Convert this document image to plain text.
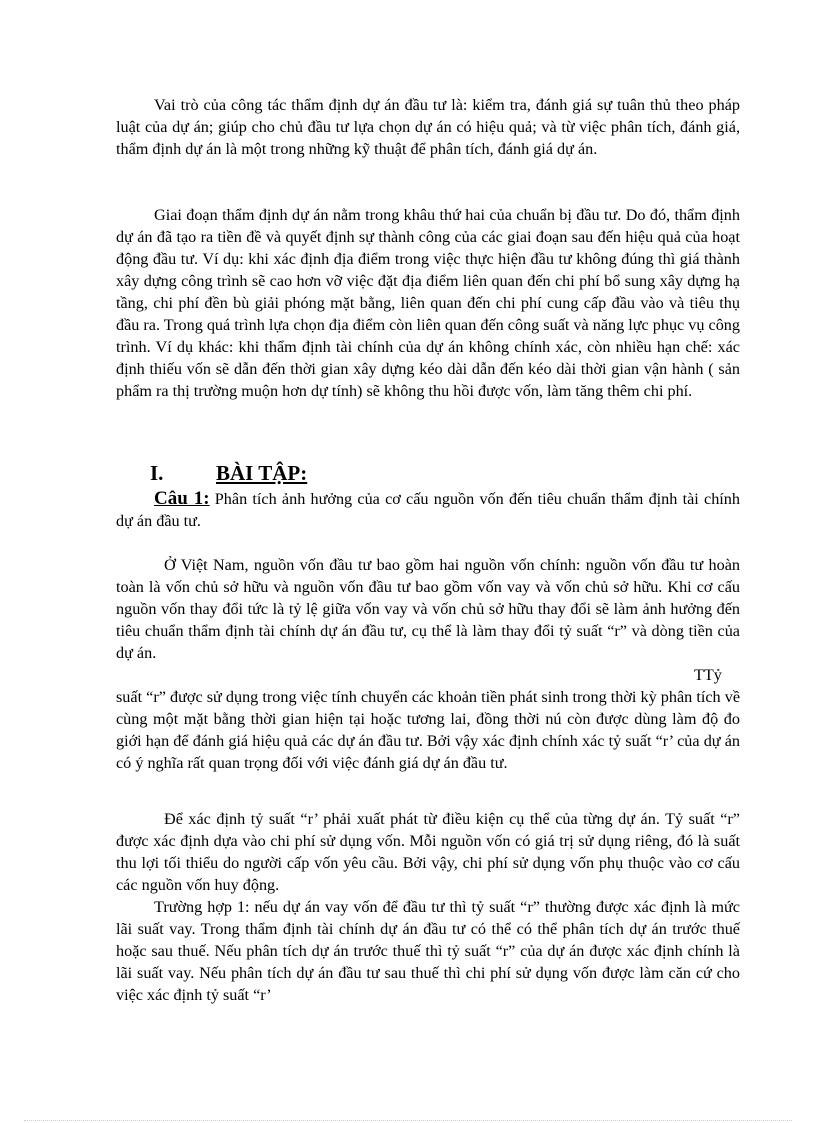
Vai trò của công tác thẩm định dự án đầu tư là: kiểm tra, đánh giá sự tuân thủ theo pháp luật của dự án; giúp cho chủ đầu tư lựa chọn dự án có hiệu quả; và từ việc phân tích, đánh giá, thẩm định dự án là một trong những kỹ thuật để phân tích, đánh giá dự án.

Giai đoạn thẩm định dự án nằm trong khâu thứ hai của chuẩn bị đầu tư. Do đó, thẩm định dự án đã tạo ra tiền đề và quyết định sự thành công của các giai đoạn sau đến hiệu quả của hoạt động đầu tư. Ví dụ: khi xác định địa điểm trong việc thực hiện đầu tư không đúng thì giá thành xây dựng công trình sẽ cao hơn vỡ việc đặt địa điểm liên quan đến chi phí bổ sung xây dựng hạ tầng, chi phí đền bù giải phóng mặt bằng, liên quan đến chi phí cung cấp đầu vào và tiêu thụ đầu ra. Trong quá trình lựa chọn địa điểm còn liên quan đến công suất và năng lực phục vụ công trình. Ví dụ khác: khi thẩm định tài chính của dự án không chính xác, còn nhiều hạn chế: xác định thiếu vốn sẽ dẫn đến thời gian xây dựng kéo dài dẫn đến kéo dài thời gian vận hành ( sản phẩm ra thị trường muộn hơn dự tính) sẽ không thu hồi được vốn, làm tăng thêm chi phí.

I.	BÀI TẬP:

Câu 1: Phân tích ảnh hưởng của cơ cấu nguồn vốn đến tiêu chuẩn thẩm định tài chính dự án đầu tư.

Ở Việt Nam, nguồn vốn đầu tư bao gồm hai nguồn vốn chính: nguồn vốn đầu tư hoàn toàn là vốn chủ sở hữu và nguồn vốn đầu tư bao gồm vốn vay và vốn chủ sở hữu. Khi cơ cấu nguồn vốn thay đổi tức là tỷ lệ giữa vốn vay và vốn chủ sở hữu thay đổi sẽ làm ảnh hưởng đến tiêu chuẩn thẩm định tài chính dự án đầu tư, cụ thể là làm thay đổi tỷ suất “r” và dòng tiền của dự án.

TTỷ

suất “r” được sử dụng trong việc tính chuyển các khoản tiền phát sinh trong thời kỳ phân tích về cùng một mặt bằng thời gian hiện tại hoặc tương lai, đồng thời nú còn được dùng làm độ đo giới hạn để đánh giá hiệu quả các dự án đầu tư. Bởi vậy xác định chính xác tỷ suất “r’ của dự án có ý nghĩa rất quan trọng đối với việc đánh giá dự án đầu tư.

Để xác định tỷ suất “r’ phải xuất phát từ điều kiện cụ thể của từng dự án. Tỷ suất “r” được xác định dựa vào chi phí sử dụng vốn. Mỗi nguồn vốn có giá trị sử dụng riêng, đó là suất thu lợi tối thiểu do người cấp vốn yêu cầu. Bởi vậy, chi phí sử dụng vốn phụ thuộc vào cơ cấu các nguồn vốn huy động.

Trường hợp 1: nếu dự án vay vốn để đầu tư thì tỷ suất “r” thường được xác định là mức lãi suất vay. Trong thẩm định tài chính dự án đầu tư có thể có thể phân tích dự án trước thuế hoặc sau thuế. Nếu phân tích dự án trước thuế thì tỷ suất “r” của dự án được xác định chính là lãi suất vay. Nếu phân tích dự án đầu tư sau thuế thì chi phí sử dụng vốn được làm căn cứ cho việc xác định tỷ suất “r’
